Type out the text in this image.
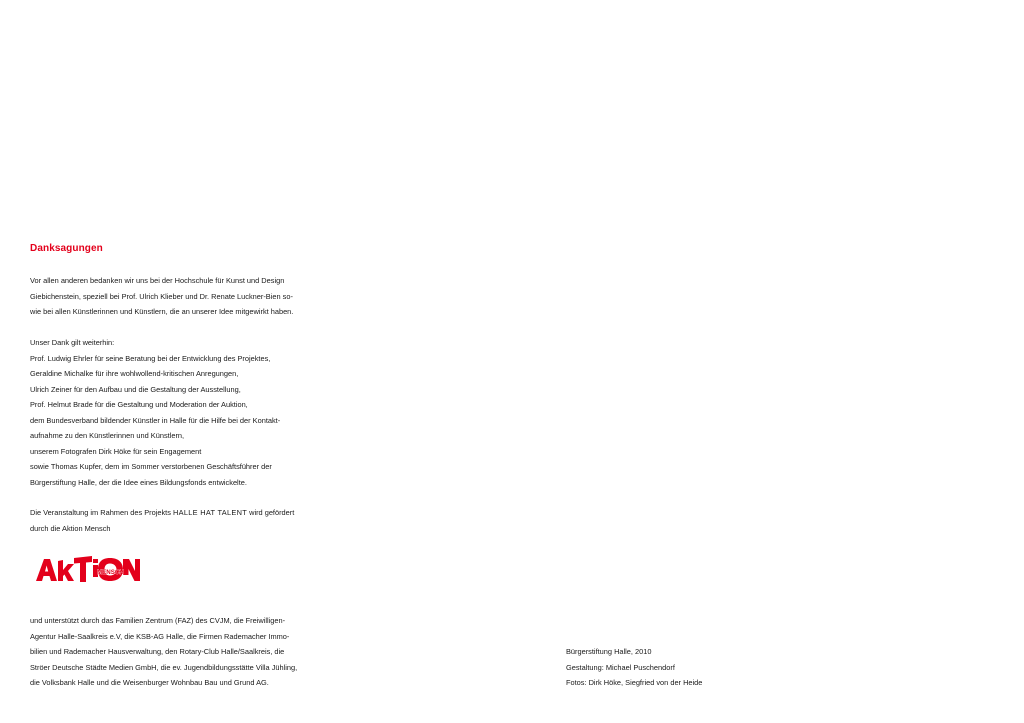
Danksagungen
Vor allen anderen bedanken wir uns bei der Hochschule für Kunst und Design
Giebichenstein, speziell bei Prof. Ulrich Klieber und Dr. Renate Luckner-Bien so-
wie bei allen Künstlerinnen und Künstlern, die an unserer Idee mitgewirkt haben.
Unser Dank gilt weiterhin:
Prof. Ludwig Ehrler für seine Beratung bei der Entwicklung des Projektes,
Geraldine Michalke für ihre wohlwollend-kritischen Anregungen,
Ulrich Zeiner für den Aufbau und die Gestaltung der Ausstellung,
Prof. Helmut Brade für die Gestaltung und Moderation der Auktion,
dem Bundesverband bildender Künstler in Halle für die Hilfe bei der Kontakt-
aufnahme zu den Künstlerinnen und Künstlern,
unserem Fotografen Dirk Höke für sein Engagement
sowie Thomas Kupfer, dem im Sommer verstorbenen Geschäftsführer der
Bürgerstiftung Halle, der die Idee eines Bildungsfonds entwickelte.
Die Veranstaltung im Rahmen des Projekts HALLE HAT TALENT wird gefördert
durch die Aktion Mensch
MENSCH
und unterstützt durch das Familien Zentrum (FAZ) des CVJM, die Freiwilligen-
Agentur Halle-Saalkreis e.V, die KSB-AG Halle, die Firmen Rademacher Immo-
bilien und Rademacher Hausverwaltung, den Rotary-Club Halle/Saalkreis, die
Ströer Deutsche Städte Medien GmbH, die ev. Jugendbildungsstätte Villa Jühling,
die Volksbank Halle und die Weisenburger Wohnbau Bau und Grund AG.
Bürgerstiftung Halle, 2010
Gestaltung: Michael Puschendorf
Fotos: Dirk Höke, Siegfried von der Heide
